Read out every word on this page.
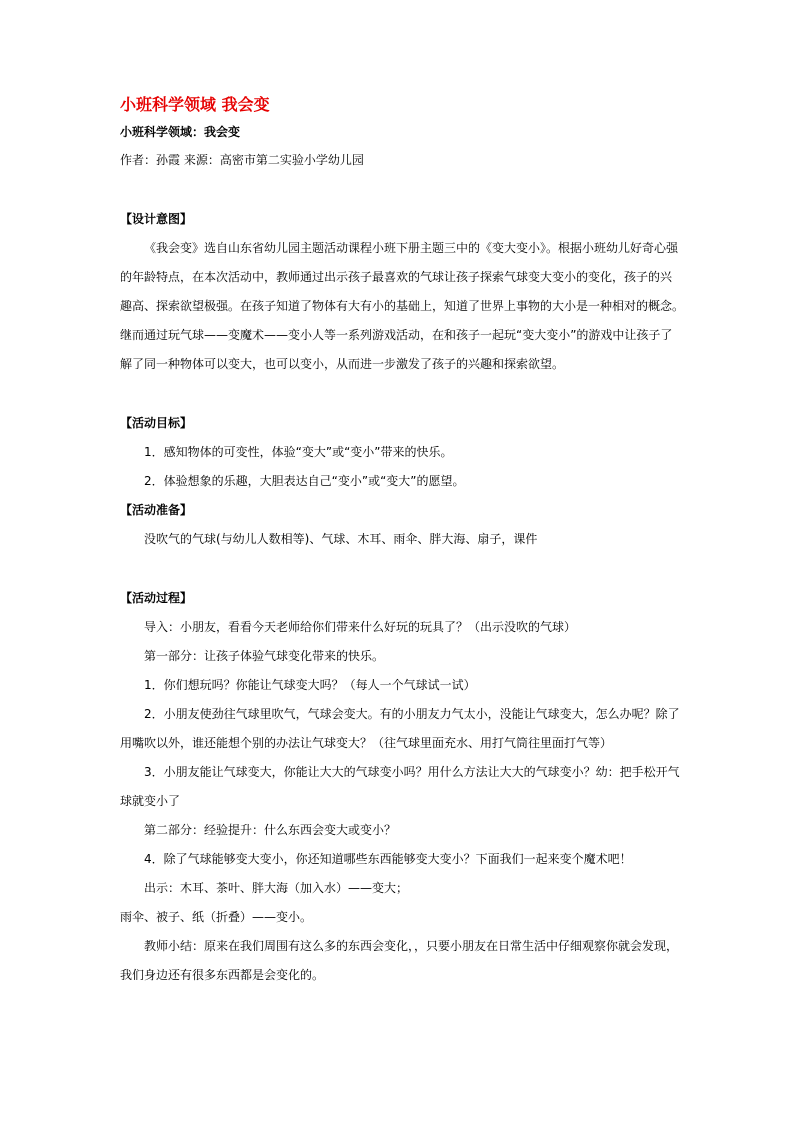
小班科学领域 我会变
小班科学领域：我会变
作者：孙霞 来源：高密市第二实验小学幼儿园
【设计意图】
《我会变》选自山东省幼儿园主题活动课程小班下册主题三中的《变大变小》。根据小班幼儿好奇心强
的年龄特点，在本次活动中，教师通过出示孩子最喜欢的气球让孩子探索气球变大变小的变化，孩子的兴
趣高、探索欲望极强。在孩子知道了物体有大有小的基础上，知道了世界上事物的大小是一种相对的概念。
继而通过玩气球——变魔术——变小人等一系列游戏活动，在和孩子一起玩“变大变小”的游戏中让孩子了
解了同一种物体可以变大，也可以变小，从而进一步激发了孩子的兴趣和探索欲望。
【活动目标】
1．感知物体的可变性，体验“变大”或“变小”带来的快乐。
2．体验想象的乐趣，大胆表达自己“变小”或“变大”的愿望。
【活动准备】
没吹气的气球(与幼儿人数相等)、气球、木耳、雨伞、胖大海、扇子，课件
【活动过程】
导入：小朋友，看看今天老师给你们带来什么好玩的玩具了？（出示没吹的气球）
第一部分：让孩子体验气球变化带来的快乐。
1．你们想玩吗？你能让气球变大吗？（每人一个气球试一试）
2．小朋友使劲往气球里吹气，气球会变大。有的小朋友力气太小，没能让气球变大，怎么办呢？除了
用嘴吹以外，谁还能想个别的办法让气球变大？（往气球里面充水、用打气筒往里面打气等）
3．小朋友能让气球变大，你能让大大的气球变小吗？用什么方法让大大的气球变小？幼：把手松开气
球就变小了
第二部分：经验提升：什么东西会变大或变小？
4．除了气球能够变大变小，你还知道哪些东西能够变大变小？下面我们一起来变个魔术吧！
出示：木耳、茶叶、胖大海（加入水）——变大；
雨伞、被子、纸（折叠）——变小。
教师小结：原来在我们周围有这么多的东西会变化，，只要小朋友在日常生活中仔细观察你就会发现，
我们身边还有很多东西都是会变化的。
